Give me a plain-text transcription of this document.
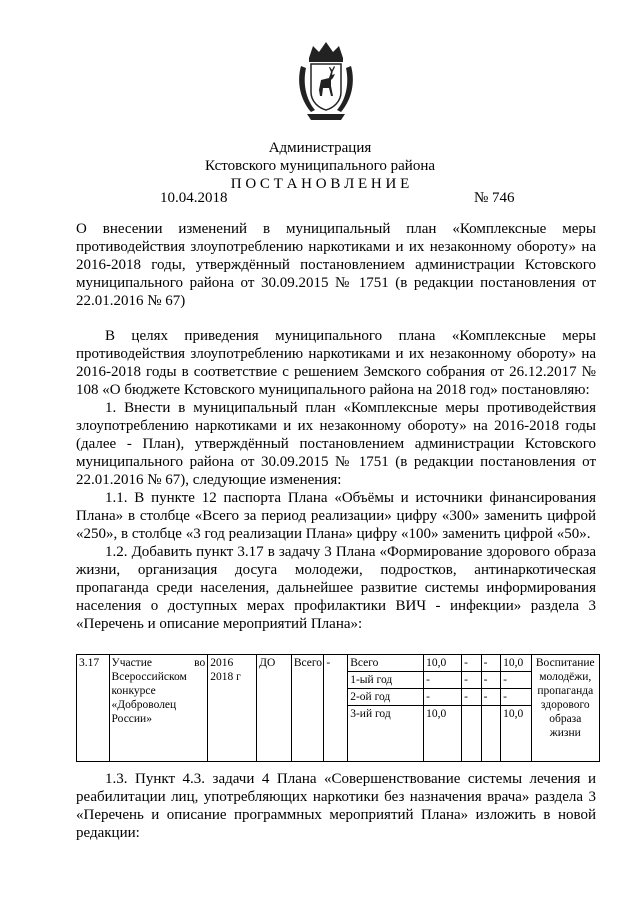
Администрация
Кстовского муниципального района
П О С Т А Н О В Л Е Н И Е
10.04.2018	№ 746
О внесении изменений в муниципальный план «Комплексные меры противодействия злоупотреблению наркотиками и их незаконному обороту» на 2016-2018 годы, утверждённый постановлением администрации Кстовского муниципального района от 30.09.2015 № 1751 (в редакции постановления от 22.01.2016 № 67)

В целях приведения муниципального плана «Комплексные меры противодействия злоупотреблению наркотиками и их незаконному обороту» на 2016-2018 годы в соответствие с решением Земского собрания от 26.12.2017 № 108 «О бюджете Кстовского муниципального района на 2018 год» постановляю:

1. Внести в муниципальный план «Комплексные меры противодействия злоупотреблению наркотиками и их незаконному обороту» на 2016-2018 годы (далее - План), утверждённый постановлением администрации Кстовского муниципального района от 30.09.2015 № 1751 (в редакции постановления от 22.01.2016 № 67), следующие изменения:

1.1. В пункте 12 паспорта Плана «Объёмы и источники финансирования Плана» в столбце «Всего за период реализации» цифру «300» заменить цифрой «250», в столбце «3 год реализации Плана» цифру «100» заменить цифрой «50».

1.2. Добавить пункт 3.17 в задачу 3 Плана «Формирование здорового образа жизни, организация досуга молодежи, подростков, антинаркотическая пропаганда среди населения, дальнейшее развитие системы информирования населения о доступных мерах профилактики ВИЧ - инфекции» раздела 3 «Перечень и описание мероприятий Плана»:

3.17	Участие во Всероссийском конкурсе «Доброволец России»	2016 2018 г	ДО	Всего	-	Всего	10,0	-	-	10,0	Воспитание молодёжи, пропаганда здорового образа жизни
						1-ый год	-	-	-	-	
						2-ой год	-	-	-	-	
						3-ий год	10,0			10,0	

1.3. Пункт 4.3. задачи 4 Плана «Совершенствование системы лечения и реабилитации лиц, употребляющих наркотики без назначения врача» раздела 3 «Перечень и описание программных мероприятий Плана» изложить в новой редакции:
